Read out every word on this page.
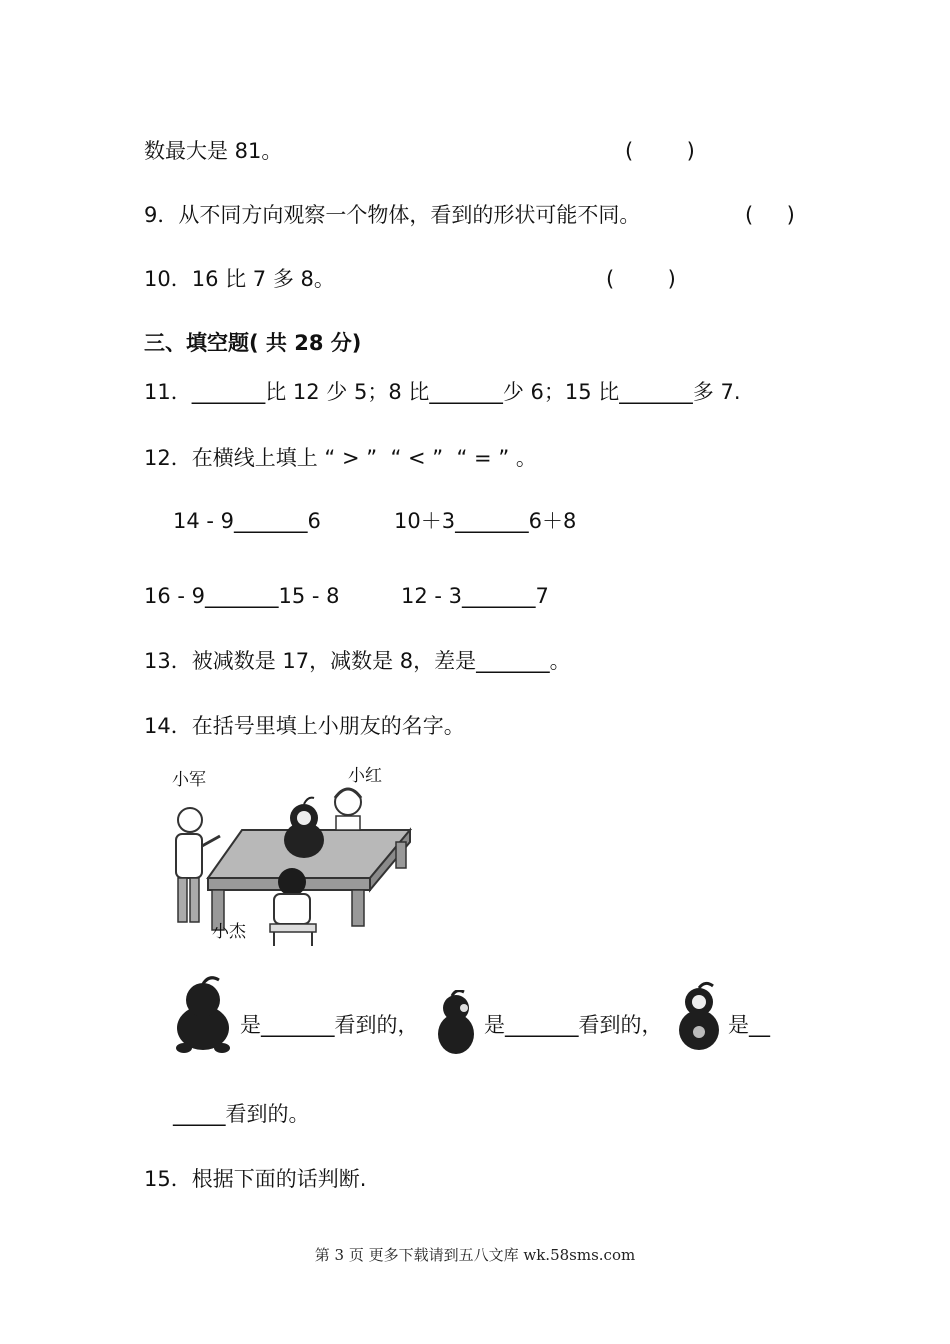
数最大是 81。	(        )
9．从不同方向观察一个物体，看到的形状可能不同。	(     )
10．16 比 7 多 8。	(        )
三、填空题( 共 28 分)
11．_______比 12 少 5；8 比_______少 6；15 比_______多 7.
12．在横线上填上 “ > ”  “ < ”  “ = ” 。
14 - 9_______6	10＋3_______6＋8
16 - 9_______15 - 8	12 - 3_______7
13．被减数是 17，减数是 8，差是_______。
14．在括号里填上小朋友的名字。
小军	小红
小杰
是_______看到的，	是_______看到的，	是__
_____看到的。
15．根据下面的话判断.
第 3 页 更多下载请到五八文库 wk.58sms.com
